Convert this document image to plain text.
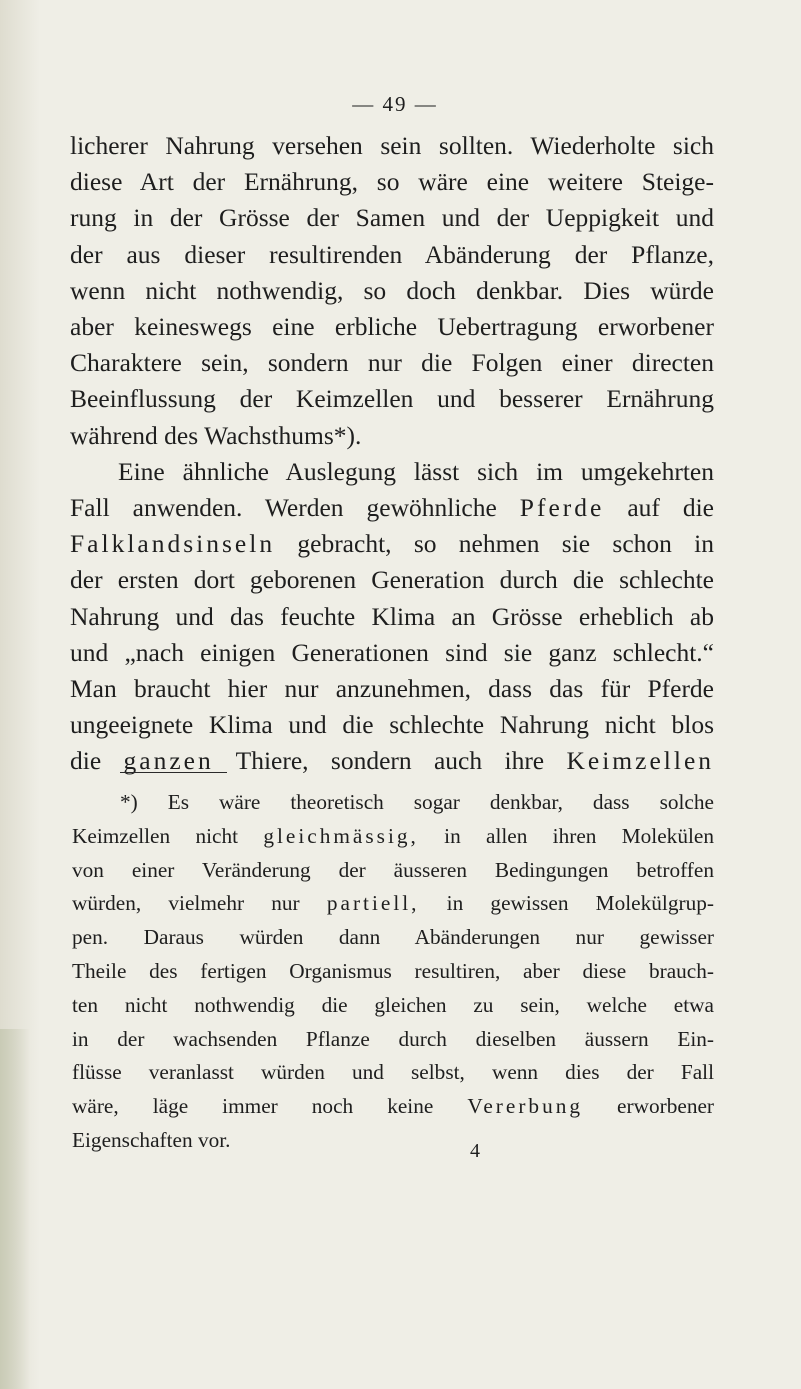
— 49 —
licherer Nahrung versehen sein sollten. Wiederholte sich
diese Art der Ernährung, so wäre eine weitere Steige-
rung in der Grösse der Samen und der Ueppigkeit und
der aus dieser resultirenden Abänderung der Pflanze,
wenn nicht nothwendig, so doch denkbar. Dies würde
aber keineswegs eine erbliche Uebertragung erworbener
Charaktere sein, sondern nur die Folgen einer directen
Beeinflussung der Keimzellen und besserer Ernährung
während des Wachsthums*).
Eine ähnliche Auslegung lässt sich im umgekehrten
Fall anwenden. Werden gewöhnliche Pferde auf die
Falklandsinseln gebracht, so nehmen sie schon in
der ersten dort geborenen Generation durch die schlechte
Nahrung und das feuchte Klima an Grösse erheblich ab
und „nach einigen Generationen sind sie ganz schlecht.“
Man braucht hier nur anzunehmen, dass das für Pferde
ungeeignete Klima und die schlechte Nahrung nicht blos
die ganzen Thiere, sondern auch ihre Keimzellen
*) Es wäre theoretisch sogar denkbar, dass solche
Keimzellen nicht gleichmässig, in allen ihren Molekülen
von einer Veränderung der äusseren Bedingungen betroffen
würden, vielmehr nur partiell, in gewissen Molekülgrup-
pen. Daraus würden dann Abänderungen nur gewisser
Theile des fertigen Organismus resultiren, aber diese brauch-
ten nicht nothwendig die gleichen zu sein, welche etwa
in der wachsenden Pflanze durch dieselben äussern Ein-
flüsse veranlasst würden und selbst, wenn dies der Fall
wäre, läge immer noch keine Vererbung erworbener
Eigenschaften vor.	4
